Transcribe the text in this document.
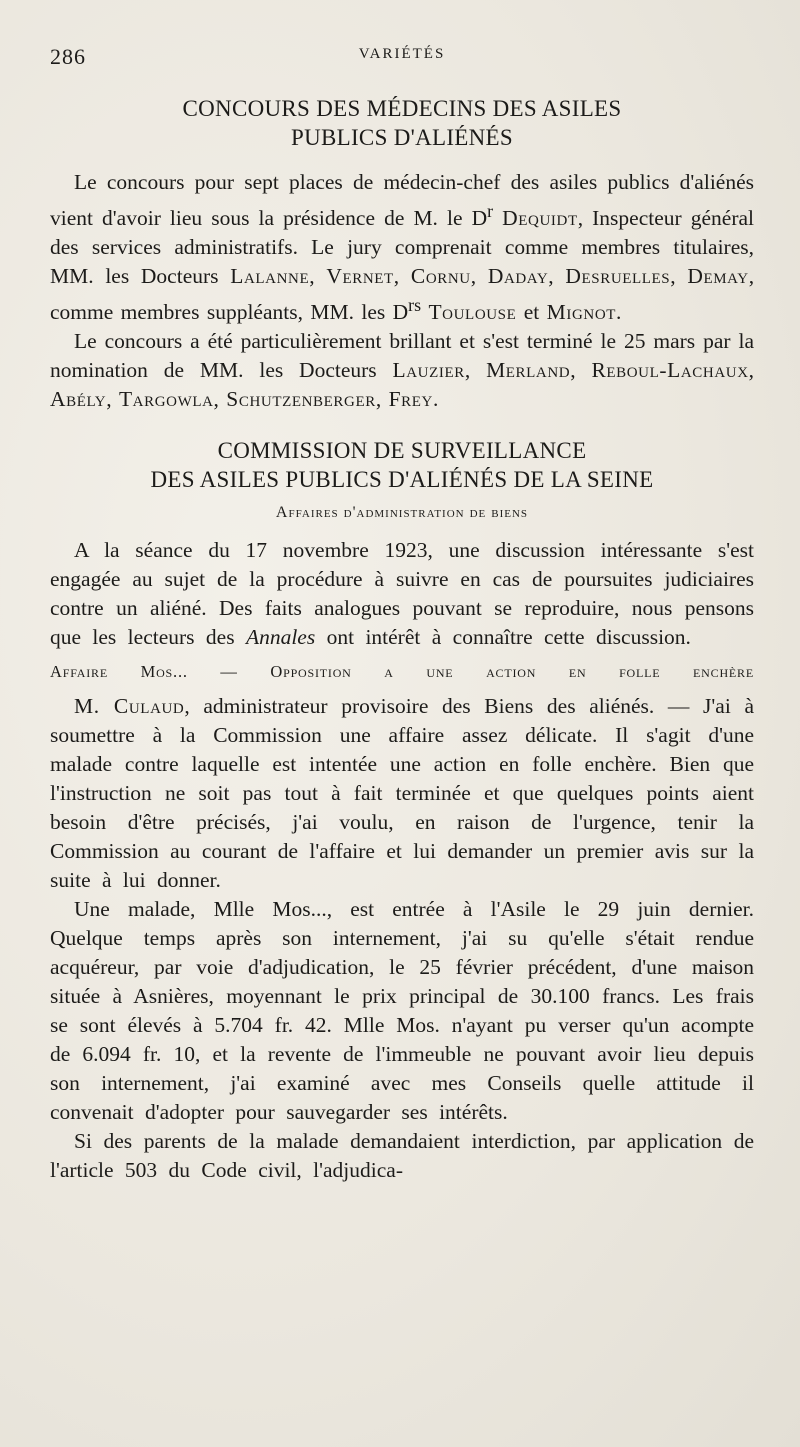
286	VARIÉTÉS
CONCOURS DES MÉDECINS DES ASILES
PUBLICS D'ALIÉNÉS

Le concours pour sept places de médecin-chef des asiles publics d'aliénés vient d'avoir lieu sous la présidence de M. le $D^r$ Dequidt, Inspecteur général des services administratifs. Le jury comprenait comme membres titulaires, MM. les Docteurs Lalanne, Vernet, Cornu, Daday, Desruelles, Demay, comme membres suppléants, MM. les $D^{rs}$ Toulouse et Mignot.

Le concours a été particulièrement brillant et s'est terminé le 25 mars par la nomination de MM. les Docteurs Lauzier, Merland, Reboul-Lachaux, Abély, Targowla, Schutzenberger, Frey.

COMMISSION DE SURVEILLANCE
DES ASILES PUBLICS D'ALIÉNÉS DE LA SEINE
Affaires d'administration de biens

A la séance du 17 novembre 1923, une discussion intéressante s'est engagée au sujet de la procédure à suivre en cas de poursuites judiciaires contre un aliéné. Des faits analogues pouvant se reproduire, nous pensons que les lecteurs des Annales ont intérêt à connaître cette discussion.

Affaire Mos... — Opposition a une action en folle enchère

M. Culaud, administrateur provisoire des Biens des aliénés. — J'ai à soumettre à la Commission une affaire assez délicate. Il s'agit d'une malade contre laquelle est intentée une action en folle enchère. Bien que l'instruction ne soit pas tout à fait terminée et que quelques points aient besoin d'être précisés, j'ai voulu, en raison de l'urgence, tenir la Commission au courant de l'affaire et lui demander un premier avis sur la suite à lui donner.

Une malade, Mlle Mos..., est entrée à l'Asile le 29 juin dernier. Quelque temps après son internement, j'ai su qu'elle s'était rendue acquéreur, par voie d'adjudication, le 25 février précédent, d'une maison située à Asnières, moyennant le prix principal de 30.100 francs. Les frais se sont élevés à 5.704 fr. 42. Mlle Mos. n'ayant pu verser qu'un acompte de 6.094 fr. 10, et la revente de l'immeuble ne pouvant avoir lieu depuis son internement, j'ai examiné avec mes Conseils quelle attitude il convenait d'adopter pour sauvegarder ses intérêts.

Si des parents de la malade demandaient interdiction, par application de l'article 503 du Code civil, l'adjudica-
